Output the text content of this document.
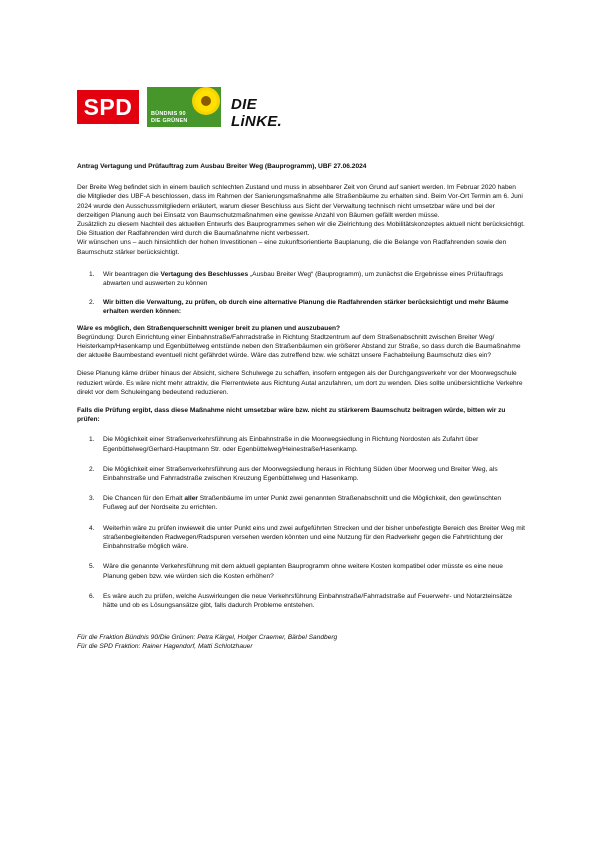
SPD	BÜNDNIS 90
DIE GRÜNEN
DIE LiNKE.

Antrag Vertagung und Prüfauftrag zum Ausbau Breiter Weg (Bauprogramm), UBF 27.06.2024

Der Breite Weg befindet sich in einem baulich schlechten Zustand und muss in absehbarer Zeit von Grund auf saniert werden. Im Februar 2020 haben die Mitglieder des UBF-A beschlossen, dass im Rahmen der Sanierungsmaßnahme alle Straßenbäume zu erhalten sind. Beim Vor-Ort Termin am 6. Juni 2024 wurde den Ausschussmitgliedern erläutert, warum dieser Beschluss aus Sicht der Verwaltung technisch nicht umsetzbar wäre und bei der derzeitigen Planung auch bei Einsatz von Baumschutzmaßnahmen eine gewisse Anzahl von Bäumen gefällt werden müsse.

Zusätzlich zu diesem Nachteil des aktuellen Entwurfs des Bauprogrammes sehen wir die Zielrichtung des Mobilitätskonzeptes aktuell nicht berücksichtigt. Die Situation der Radfahrenden wird durch die Baumaßnahme nicht verbessert.

Wir wünschen uns – auch hinsichtlich der hohen Investitionen – eine zukunftsorientierte Bauplanung, die die Belange von Radfahrenden sowie den Baumschutz stärker berücksichtigt.

1. Wir beantragen die Vertagung des Beschlusses „Ausbau Breiter Weg“ (Bauprogramm), um zunächst die Ergebnisse eines Prüfauftrags abwarten und auswerten zu können
2. Wir bitten die Verwaltung, zu prüfen, ob durch eine alternative Planung die Radfahrenden stärker berücksichtigt und mehr Bäume erhalten werden können:

Wäre es möglich, den Straßenquerschnitt weniger breit zu planen und auszubauen?

Begründung: Durch Einrichtung einer Einbahnstraße/Fahrradstraße in Richtung Stadtzentrum auf dem Straßenabschnitt zwischen Breiter Weg/ Heisterkamp/Hasenkamp und Egenbüttelweg entstünde neben den Straßenbäumen ein größerer Abstand zur Straße, so dass durch die Baumaßnahme der aktuelle Baumbestand eventuell nicht gefährdet würde. Wäre das zutreffend bzw. wie schätzt unsere Fachabteilung Baumschutz dies ein?

Diese Planung käme drüber hinaus der Absicht, sichere Schulwege zu schaffen, insofern entgegen als der Durchgangsverkehr vor der Moorwegschule reduziert würde. Es wäre nicht mehr attraktiv, die Flerrentwiete aus Richtung Autal anzufahren, um dort zu wenden. Dies sollte unübersichtliche Verkehre direkt vor dem Schuleingang bedeutend reduzieren.

Falls die Prüfung ergibt, dass diese Maßnahme nicht umsetzbar wäre bzw. nicht zu stärkerem Baumschutz beitragen würde, bitten wir zu prüfen:

1. Die Möglichkeit einer Straßenverkehrsführung als Einbahnstraße in die Moorwegsiedlung in Richtung Nordosten als Zufahrt über Egenbüttelweg/Gerhard-Hauptmann Str. oder Egenbüttelweg/Heinestraße/Hasenkamp.
2. Die Möglichkeit einer Straßenverkehrsführung aus der Moorwegsiedlung heraus in Richtung Süden über Moorweg und Breiter Weg, als Einbahnstraße und Fahrradstraße zwischen Kreuzung Egenbüttelweg und Hasenkamp.
3. Die Chancen für den Erhalt aller Straßenbäume im unter Punkt zwei genannten Straßenabschnitt und die Möglichkeit, den gewünschten Fußweg auf der Nordseite zu errichten.
4. Weiterhin wäre zu prüfen inwieweit die unter Punkt eins und zwei aufgeführten Strecken und der bisher unbefestigte Bereich des Breiter Weg mit straßenbegleitenden Radwegen/Radspuren versehen werden könnten und eine Nutzung für den Radverkehr gegen die Fahrtrichtung der Einbahnstraße möglich wäre.
5. Wäre die genannte Verkehrsführung mit dem aktuell geplanten Bauprogramm ohne weitere Kosten kompatibel oder müsste es eine neue Planung geben bzw. wie würden sich die Kosten erhöhen?
6. Es wäre auch zu prüfen, welche Auswirkungen die neue Verkehrsführung Einbahnstraße/Fahrradstraße auf Feuerwehr- und Notarzteinsätze hätte und ob es Lösungsansätze gibt, falls dadurch Probleme entstehen.

Für die Fraktion Bündnis 90/Die Grünen: Petra Kärgel, Holger Craemer, Bärbel Sandberg

Für die SPD Fraktion: Rainer Hagendorf, Matti Schlotzhauer
